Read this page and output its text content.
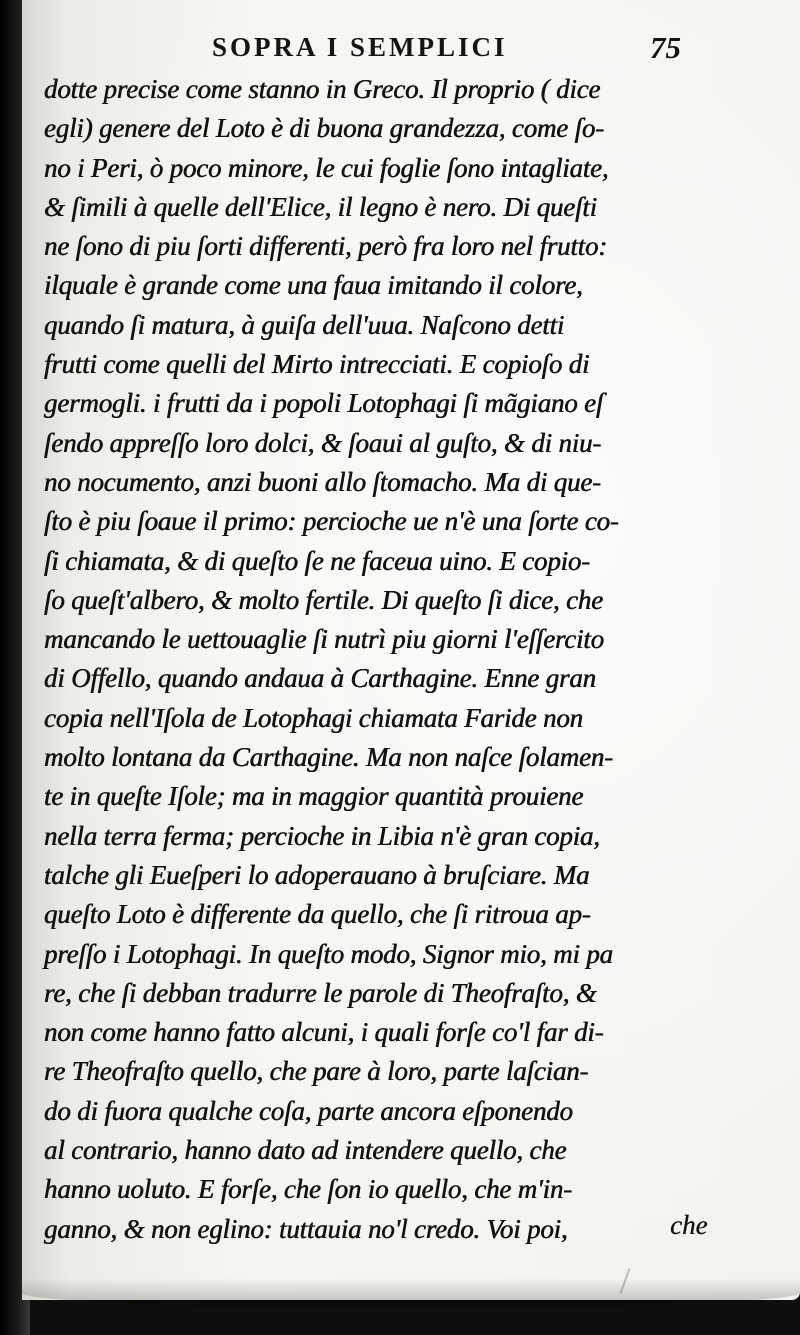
SOPRA I SEMPLICI	75
dotte precise come stanno in Greco. Il proprio ( dice
egli) genere del Loto è di buona grandezza, come ſo-
no i Peri, ò poco minore, le cui foglie ſono intagliate,
& ſimili à quelle dell'Elice, il legno è nero. Di queſti
ne ſono di piu ſorti differenti, però fra loro nel frutto:
ilquale è grande come una faua imitando il colore,
quando ſi matura, à guiſa dell'uua. Naſcono detti
frutti come quelli del Mirto intrecciati. E copioſo di
germogli. i frutti da i popoli Lotophagi ſi mãgiano eſ
ſendo appreſſo loro dolci, & ſoaui al guſto, & di niu-
no nocumento, anzi buoni allo ſtomacho. Ma di que-
ſto è piu ſoaue il primo: percioche ue n'è una ſorte co-
ſi chiamata, & di queſto ſe ne faceua uino. E copio-
ſo queſt'albero, & molto fertile. Di queſto ſi dice, che
mancando le uettouaglie ſi nutrì piu giorni l'eſſercito
di Offello, quando andaua à Carthagine. Enne gran
copia nell'Iſola de Lotophagi chiamata Faride non
molto lontana da Carthagine. Ma non naſce ſolamen-
te in queſte Iſole; ma in maggior quantità prouiene
nella terra ferma; percioche in Libia n'è gran copia,
talche gli Eueſperi lo adoperauano à bruſciare. Ma
queſto Loto è differente da quello, che ſi ritroua ap-
preſſo i Lotophagi. In queſto modo, Signor mio, mi pa
re, che ſi debban tradurre le parole di Theofraſto, &
non come hanno fatto alcuni, i quali forſe co'l far di-
re Theofraſto quello, che pare à loro, parte laſcian-
do di fuora qualche coſa, parte ancora eſponendo
al contrario, hanno dato ad intendere quello, che
hanno uoluto. E forſe, che ſon io quello, che m'in-
ganno, & non eglino: tuttauia no'l credo. Voi poi,	che
